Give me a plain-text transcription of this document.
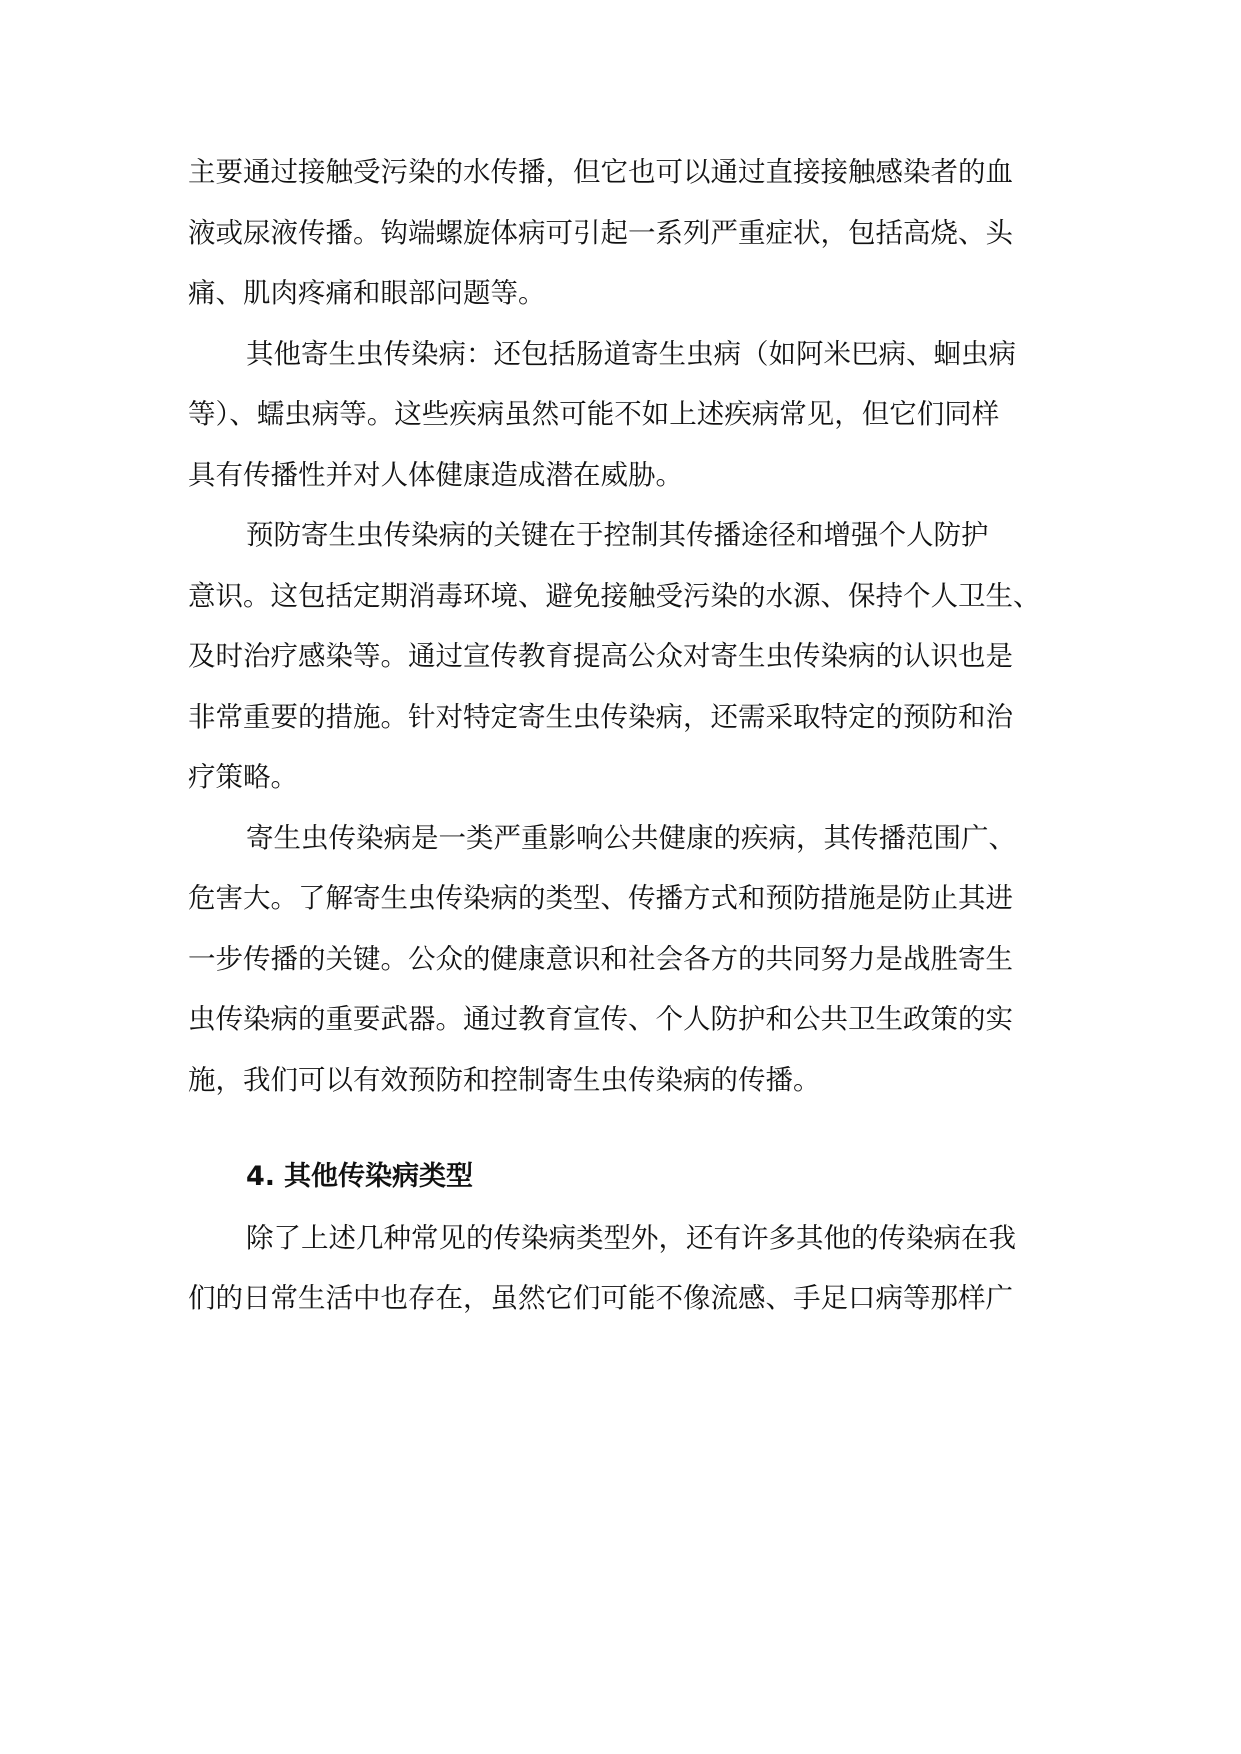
主要通过接触受污染的水传播，但它也可以通过直接接触感染者的血
液或尿液传播。钩端螺旋体病可引起一系列严重症状，包括高烧、头
痛、肌肉疼痛和眼部问题等。
其他寄生虫传染病：还包括肠道寄生虫病（如阿米巴病、蛔虫病
等）、蠕虫病等。这些疾病虽然可能不如上述疾病常见，但它们同样
具有传播性并对人体健康造成潜在威胁。
预防寄生虫传染病的关键在于控制其传播途径和增强个人防护
意识。这包括定期消毒环境、避免接触受污染的水源、保持个人卫生、
及时治疗感染等。通过宣传教育提高公众对寄生虫传染病的认识也是
非常重要的措施。针对特定寄生虫传染病，还需采取特定的预防和治
疗策略。
寄生虫传染病是一类严重影响公共健康的疾病，其传播范围广、
危害大。了解寄生虫传染病的类型、传播方式和预防措施是防止其进
一步传播的关键。公众的健康意识和社会各方的共同努力是战胜寄生
虫传染病的重要武器。通过教育宣传、个人防护和公共卫生政策的实
施，我们可以有效预防和控制寄生虫传染病的传播。
4. 其他传染病类型
除了上述几种常见的传染病类型外，还有许多其他的传染病在我
们的日常生活中也存在，虽然它们可能不像流感、手足口病等那样广
